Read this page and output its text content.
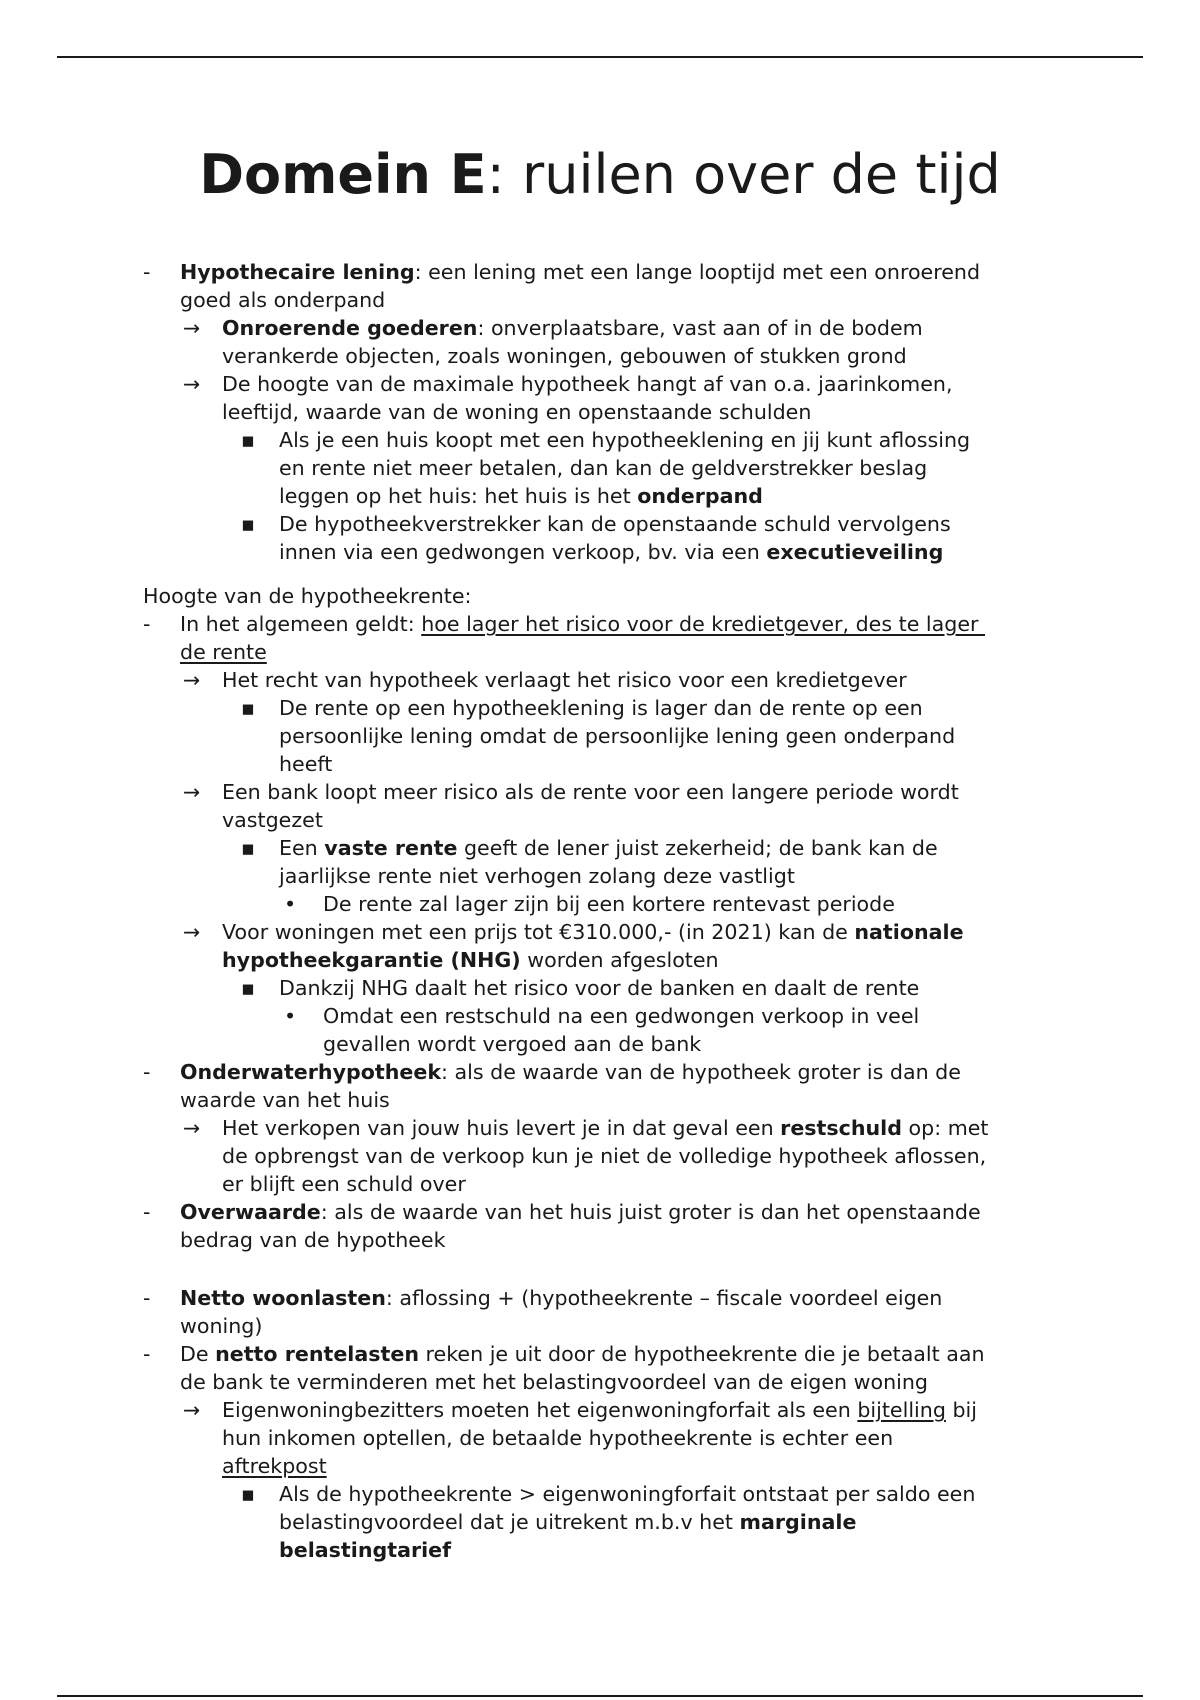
Domein E: ruilen over de tijd
- Hypothecaire lening: een lening met een lange looptijd met een onroerend
goed als onderpand
→ Onroerende goederen: onverplaatsbare, vast aan of in de bodem
verankerde objecten, zoals woningen, gebouwen of stukken grond
→ De hoogte van de maximale hypotheek hangt af van o.a. jaarinkomen,
leeftijd, waarde van de woning en openstaande schulden
▪ Als je een huis koopt met een hypotheeklening en jij kunt aflossing
en rente niet meer betalen, dan kan de geldverstrekker beslag
leggen op het huis: het huis is het onderpand
▪ De hypotheekverstrekker kan de openstaande schuld vervolgens
innen via een gedwongen verkoop, bv. via een executieveiling
Hoogte van de hypotheekrente:
- In het algemeen geldt: hoe lager het risico voor de kredietgever, des te lager
de rente
→ Het recht van hypotheek verlaagt het risico voor een kredietgever
▪ De rente op een hypotheeklening is lager dan de rente op een
persoonlijke lening omdat de persoonlijke lening geen onderpand
heeft
→ Een bank loopt meer risico als de rente voor een langere periode wordt
vastgezet
▪ Een vaste rente geeft de lener juist zekerheid; de bank kan de
jaarlijkse rente niet verhogen zolang deze vastligt
• De rente zal lager zijn bij een kortere rentevast periode
→ Voor woningen met een prijs tot €310.000,- (in 2021) kan de nationale
hypotheekgarantie (NHG) worden afgesloten
▪ Dankzij NHG daalt het risico voor de banken en daalt de rente
• Omdat een restschuld na een gedwongen verkoop in veel
gevallen wordt vergoed aan de bank
- Onderwaterhypotheek: als de waarde van de hypotheek groter is dan de
waarde van het huis
→ Het verkopen van jouw huis levert je in dat geval een restschuld op: met
de opbrengst van de verkoop kun je niet de volledige hypotheek aflossen,
er blijft een schuld over
- Overwaarde: als de waarde van het huis juist groter is dan het openstaande
bedrag van de hypotheek
- Netto woonlasten: aflossing + (hypotheekrente – fiscale voordeel eigen
woning)
- De netto rentelasten reken je uit door de hypotheekrente die je betaalt aan
de bank te verminderen met het belastingvoordeel van de eigen woning
→ Eigenwoningbezitters moeten het eigenwoningforfait als een bijtelling bij
hun inkomen optellen, de betaalde hypotheekrente is echter een
aftrekpost
▪ Als de hypotheekrente > eigenwoningforfait ontstaat per saldo een
belastingvoordeel dat je uitrekent m.b.v het marginale
belastingtarief
